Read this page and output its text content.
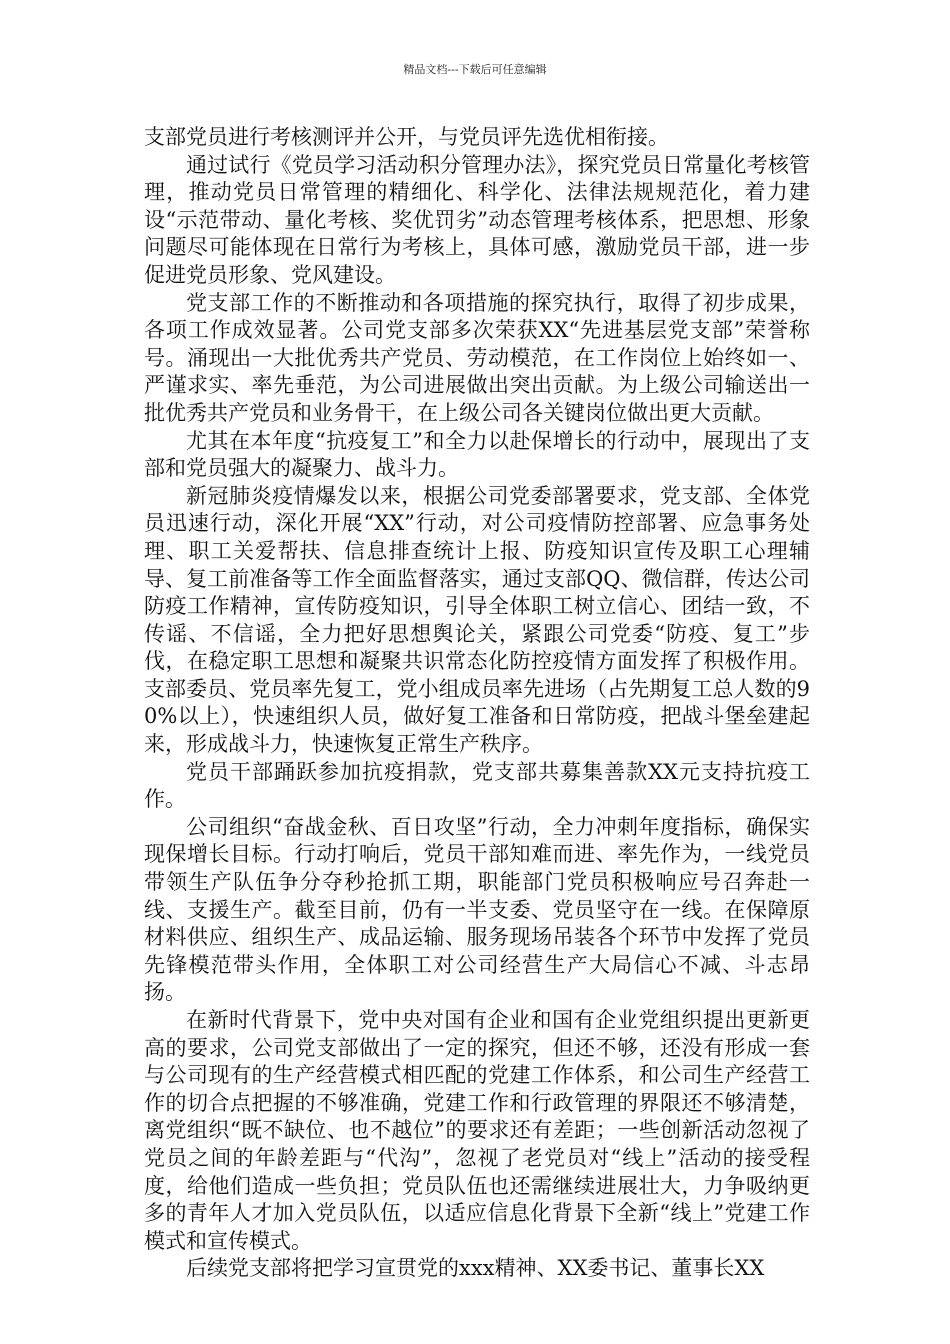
精品文档---下载后可任意编辑

支部党员进行考核测评并公开，与党员评先选优相衔接。

通过试行《党员学习活动积分管理办法》，探究党员日常量化考核管理，推动党员日常管理的精细化、科学化、法律法规规范化，着力建设“示范带动、量化考核、奖优罚劣”动态管理考核体系，把思想、形象问题尽可能体现在日常行为考核上，具体可感，激励党员干部，进一步促进党员形象、党风建设。

党支部工作的不断推动和各项措施的探究执行，取得了初步成果，各项工作成效显著。公司党支部多次荣获XX“先进基层党支部”荣誉称号。涌现出一大批优秀共产党员、劳动模范，在工作岗位上始终如一、严谨求实、率先垂范，为公司进展做出突出贡献。为上级公司输送出一批优秀共产党员和业务骨干，在上级公司各关键岗位做出更大贡献。

尤其在本年度“抗疫复工”和全力以赴保增长的行动中，展现出了支部和党员强大的凝聚力、战斗力。

新冠肺炎疫情爆发以来，根据公司党委部署要求，党支部、全体党员迅速行动，深化开展“XX”行动，对公司疫情防控部署、应急事务处理、职工关爱帮扶、信息排查统计上报、防疫知识宣传及职工心理辅导、复工前准备等工作全面监督落实，通过支部QQ、微信群，传达公司防疫工作精神，宣传防疫知识，引导全体职工树立信心、团结一致，不传谣、不信谣，全力把好思想舆论关，紧跟公司党委“防疫、复工”步伐，在稳定职工思想和凝聚共识常态化防控疫情方面发挥了积极作用。支部委员、党员率先复工，党小组成员率先进场（占先期复工总人数的90%以上），快速组织人员，做好复工准备和日常防疫，把战斗堡垒建起来，形成战斗力，快速恢复正常生产秩序。

党员干部踊跃参加抗疫捐款，党支部共募集善款XX元支持抗疫工作。

公司组织“奋战金秋、百日攻坚”行动，全力冲刺年度指标，确保实现保增长目标。行动打响后，党员干部知难而进、率先作为，一线党员带领生产队伍争分夺秒抢抓工期，职能部门党员积极响应号召奔赴一线、支援生产。截至目前，仍有一半支委、党员坚守在一线。在保障原材料供应、组织生产、成品运输、服务现场吊装各个环节中发挥了党员先锋模范带头作用，全体职工对公司经营生产大局信心不减、斗志昂扬。

在新时代背景下，党中央对国有企业和国有企业党组织提出更新更高的要求，公司党支部做出了一定的探究，但还不够，还没有形成一套与公司现有的生产经营模式相匹配的党建工作体系，和公司生产经营工作的切合点把握的不够准确，党建工作和行政管理的界限还不够清楚，离党组织“既不缺位、也不越位”的要求还有差距；一些创新活动忽视了党员之间的年龄差距与“代沟”，忽视了老党员对“线上”活动的接受程度，给他们造成一些负担；党员队伍也还需继续进展壮大，力争吸纳更多的青年人才加入党员队伍，以适应信息化背景下全新“线上”党建工作模式和宣传模式。

后续党支部将把学习宣贯党的xxx精神、XX委书记、董事长XX
